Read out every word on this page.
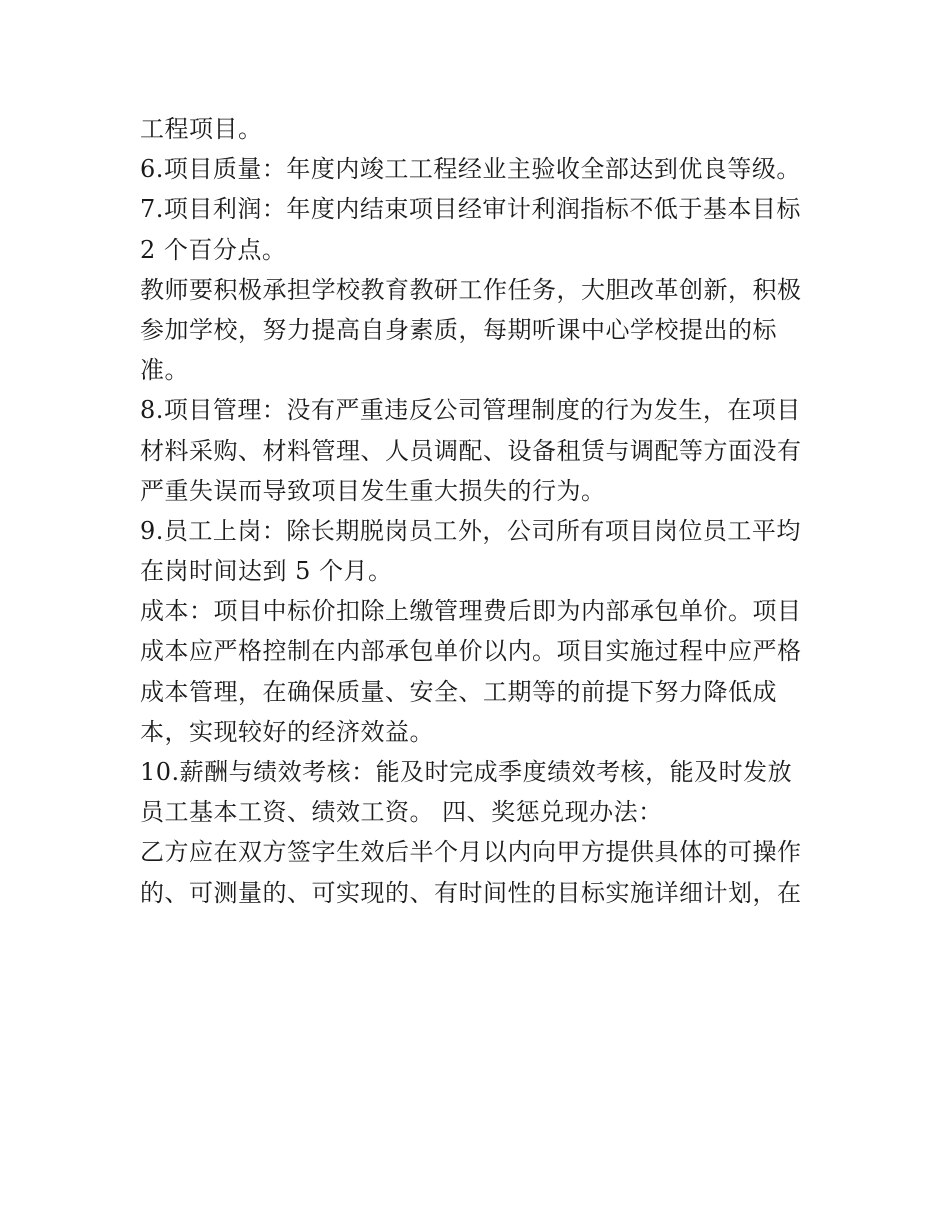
工程项目。
6.项目质量：年度内竣工工程经业主验收全部达到优良等级。
7.项目利润：年度内结束项目经审计利润指标不低于基本目标
2 个百分点。
教师要积极承担学校教育教研工作任务，大胆改革创新，积极
参加学校，努力提高自身素质，每期听课中心学校提出的标
准。
8.项目管理：没有严重违反公司管理制度的行为发生，在项目
材料采购、材料管理、人员调配、设备租赁与调配等方面没有
严重失误而导致项目发生重大损失的行为。
9.员工上岗：除长期脱岗员工外，公司所有项目岗位员工平均
在岗时间达到 5 个月。
成本：项目中标价扣除上缴管理费后即为内部承包单价。项目
成本应严格控制在内部承包单价以内。项目实施过程中应严格
成本管理，在确保质量、安全、工期等的前提下努力降低成
本，实现较好的经济效益。
10.薪酬与绩效考核：能及时完成季度绩效考核，能及时发放
员工基本工资、绩效工资。 四、奖惩兑现办法：
乙方应在双方签字生效后半个月以内向甲方提供具体的可操作
的、可测量的、可实现的、有时间性的目标实施详细计划，在
